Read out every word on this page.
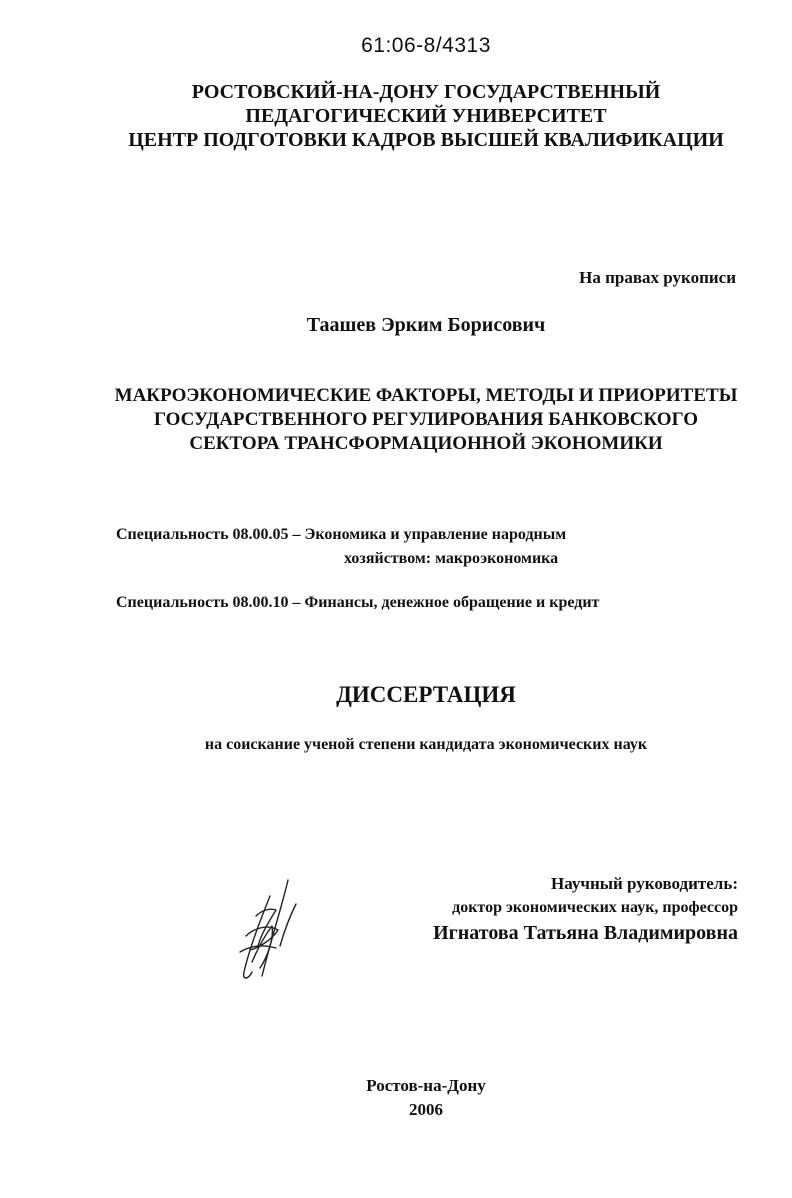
61:06-8/4313
РОСТОВСКИЙ-НА-ДОНУ ГОСУДАРСТВЕННЫЙ
ПЕДАГОГИЧЕСКИЙ УНИВЕРСИТЕТ
ЦЕНТР ПОДГОТОВКИ КАДРОВ ВЫСШЕЙ КВАЛИФИКАЦИИ
На правах рукописи
Таашев Эрким Борисович
МАКРОЭКОНОМИЧЕСКИЕ ФАКТОРЫ, МЕТОДЫ И ПРИОРИТЕТЫ
ГОСУДАРСТВЕННОГО РЕГУЛИРОВАНИЯ БАНКОВСКОГО
СЕКТОРА ТРАНСФОРМАЦИОННОЙ ЭКОНОМИКИ
Специальность 08.00.05 – Экономика и управление народным
хозяйством: макроэкономика
Специальность 08.00.10 – Финансы, денежное обращение и кредит
ДИССЕРТАЦИЯ
на соискание ученой степени кандидата экономических наук
Научный руководитель:
доктор экономических наук, профессор
Игнатова Татьяна Владимировна
Ростов-на-Дону
2006
